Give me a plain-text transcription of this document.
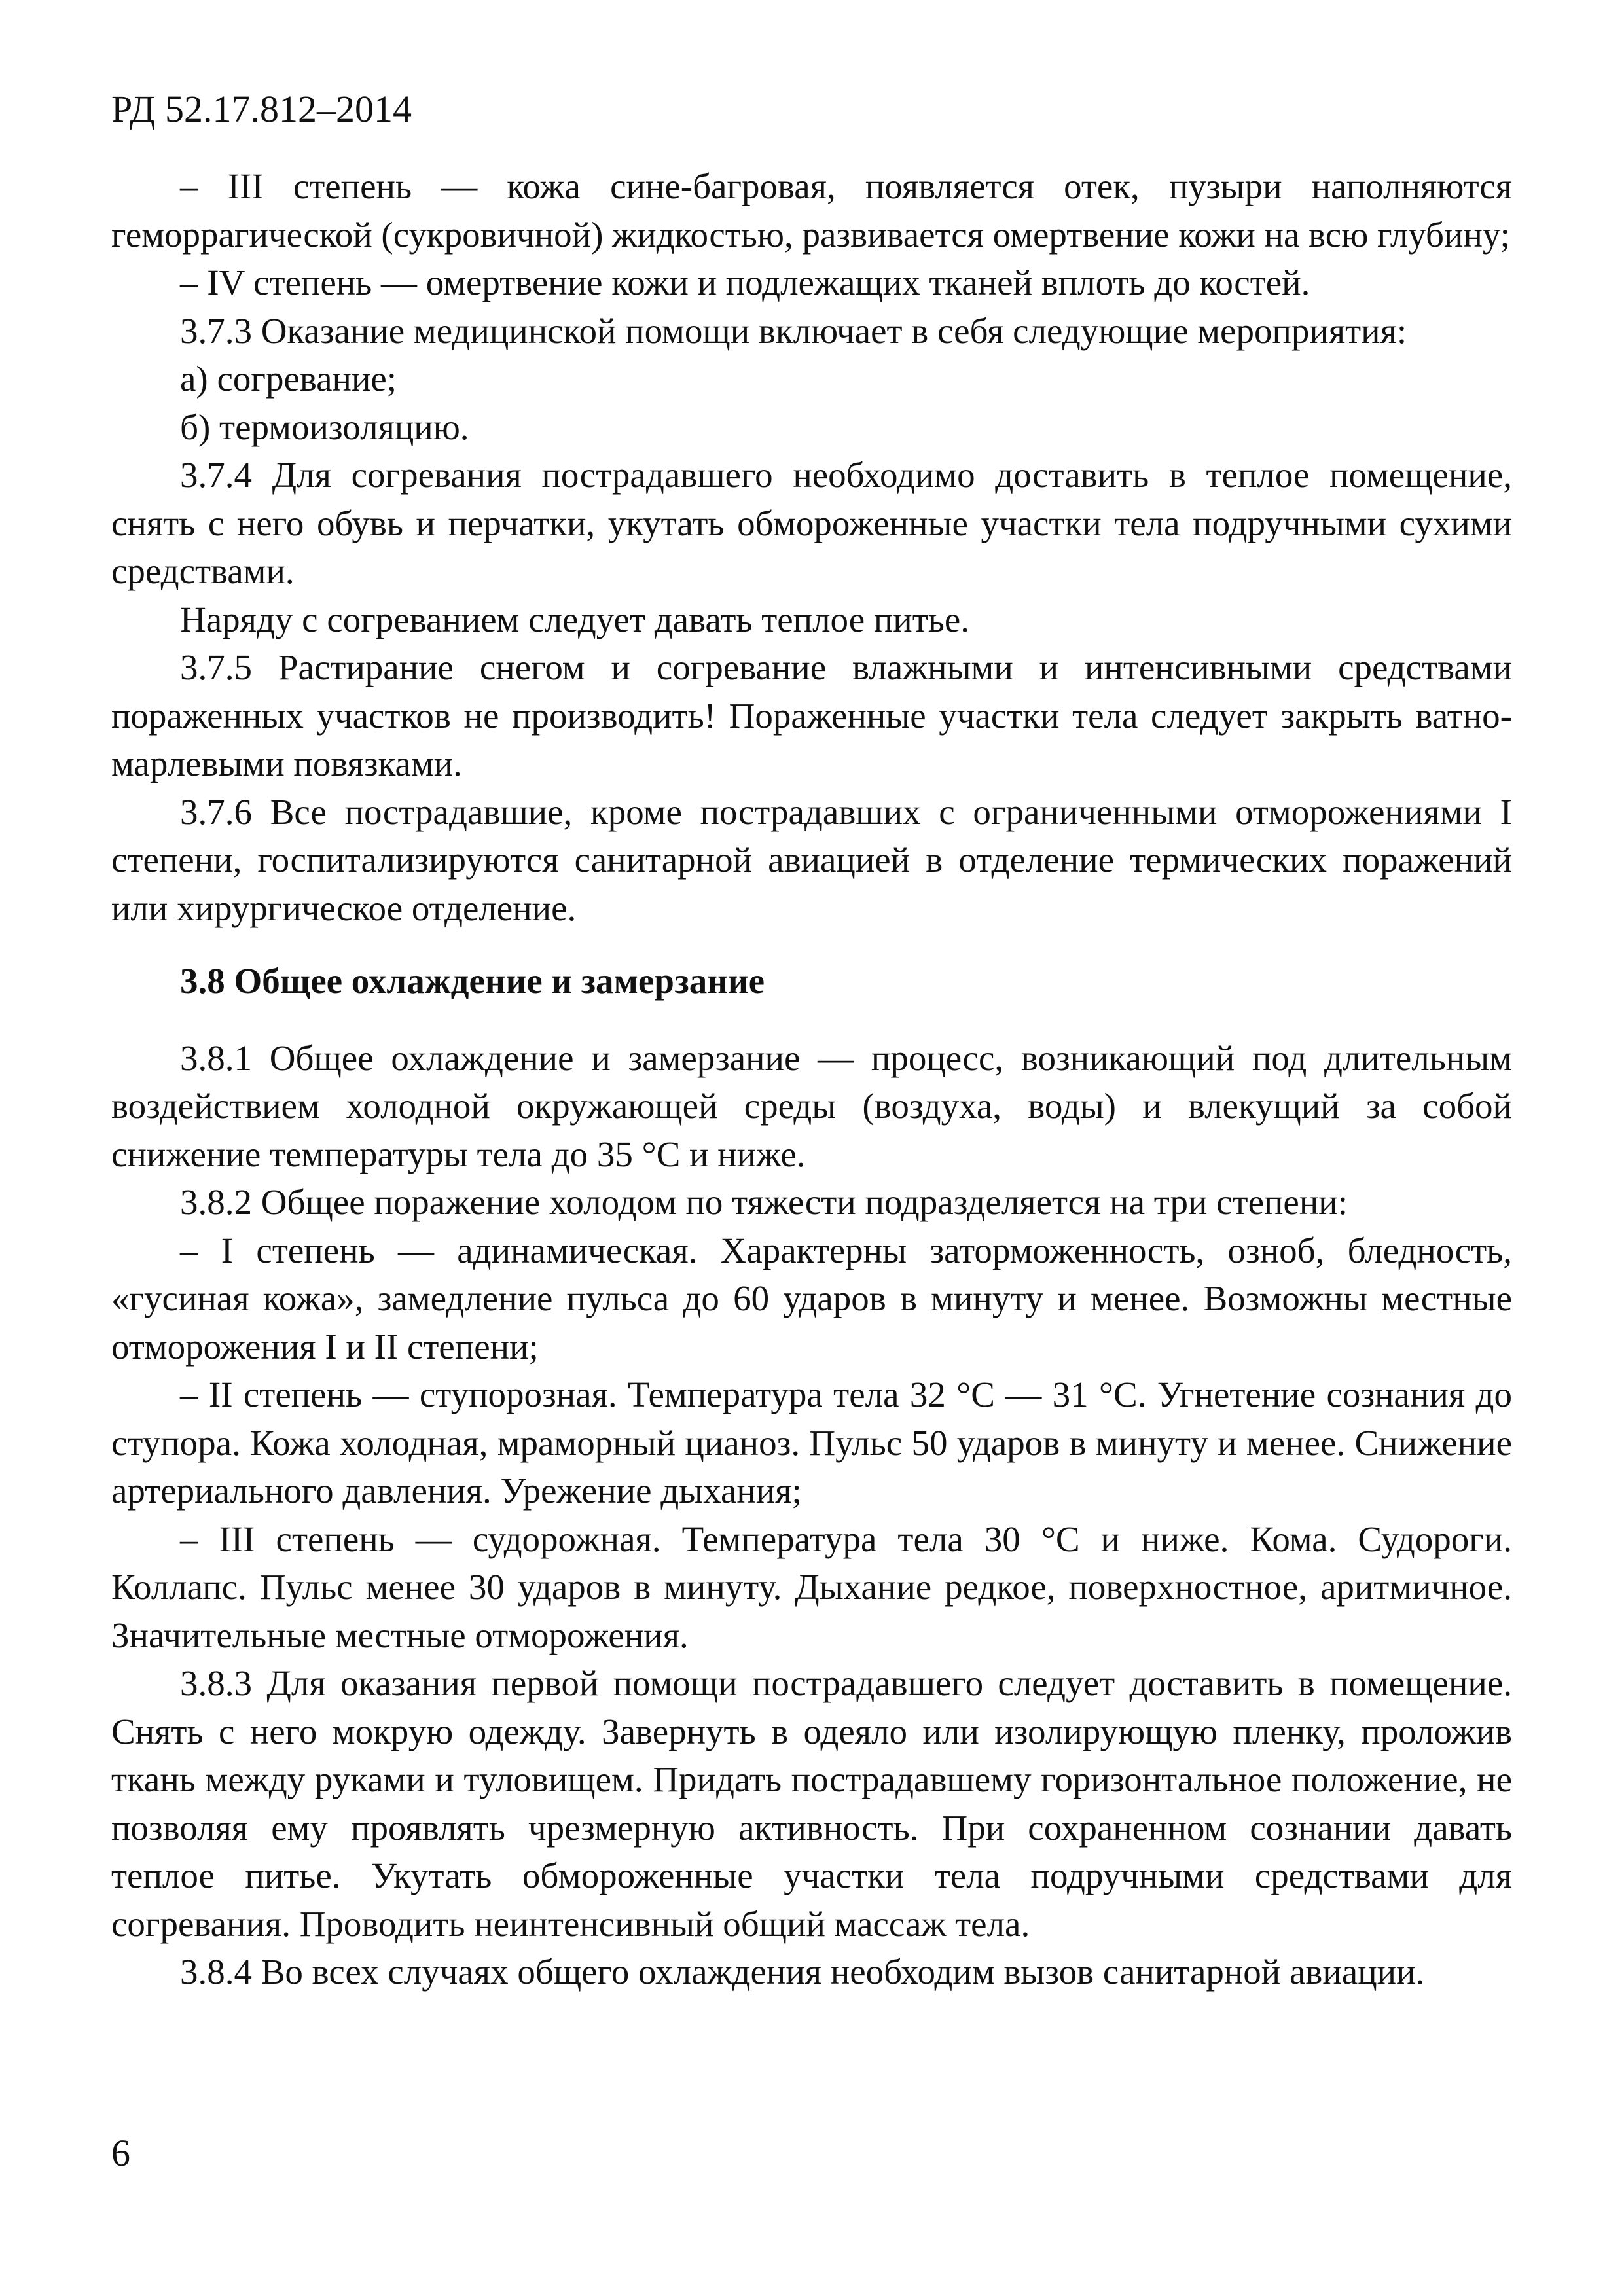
РД 52.17.812–2014

– III степень — кожа сине-багровая, появляется отек, пузыри наполняются геморрагической (сукровичной) жидкостью, развивается омертвение кожи на всю глубину;

– IV степень — омертвение кожи и подлежащих тканей вплоть до костей.

3.7.3 Оказание медицинской помощи включает в себя следующие мероприятия:

а) согревание;

б) термоизоляцию.

3.7.4 Для согревания пострадавшего необходимо доставить в теплое помещение, снять с него обувь и перчатки, укутать обмороженные участки тела подручными сухими средствами.

Наряду с согреванием следует давать теплое питье.

3.7.5 Растирание снегом и согревание влажными и интенсивными средствами пораженных участков не производить! Пораженные участки тела следует закрыть ватно-марлевыми повязками.

3.7.6 Все пострадавшие, кроме пострадавших с ограниченными отморожениями I степени, госпитализируются санитарной авиацией в отделение термических поражений или хирургическое отделение.

3.8 Общее охлаждение и замерзание

3.8.1 Общее охлаждение и замерзание — процесс, возникающий под длительным воздействием холодной окружающей среды (воздуха, воды) и влекущий за собой снижение температуры тела до 35 °С и ниже.

3.8.2 Общее поражение холодом по тяжести подразделяется на три степени:

– I степень — адинамическая. Характерны заторможенность, озноб, бледность, «гусиная кожа», замедление пульса до 60 ударов в минуту и менее. Возможны местные отморожения I и II степени;

– II степень — ступорозная. Температура тела 32 °С — 31 °С. Угнетение сознания до ступора. Кожа холодная, мраморный цианоз. Пульс 50 ударов в минуту и менее. Снижение артериального давления. Урежение дыхания;

– III степень — судорожная. Температура тела 30 °С и ниже. Кома. Судороги. Коллапс. Пульс менее 30 ударов в минуту. Дыхание редкое, поверхностное, аритмичное. Значительные местные отморожения.

3.8.3 Для оказания первой помощи пострадавшего следует доставить в помещение. Снять с него мокрую одежду. Завернуть в одеяло или изолирующую пленку, проложив ткань между руками и туловищем. Придать пострадавшему горизонтальное положение, не позволяя ему проявлять чрезмерную активность. При сохраненном сознании давать теплое питье. Укутать обмороженные участки тела подручными средствами для согревания. Проводить неинтенсивный общий массаж тела.

3.8.4 Во всех случаях общего охлаждения необходим вызов санитарной авиации.

6
